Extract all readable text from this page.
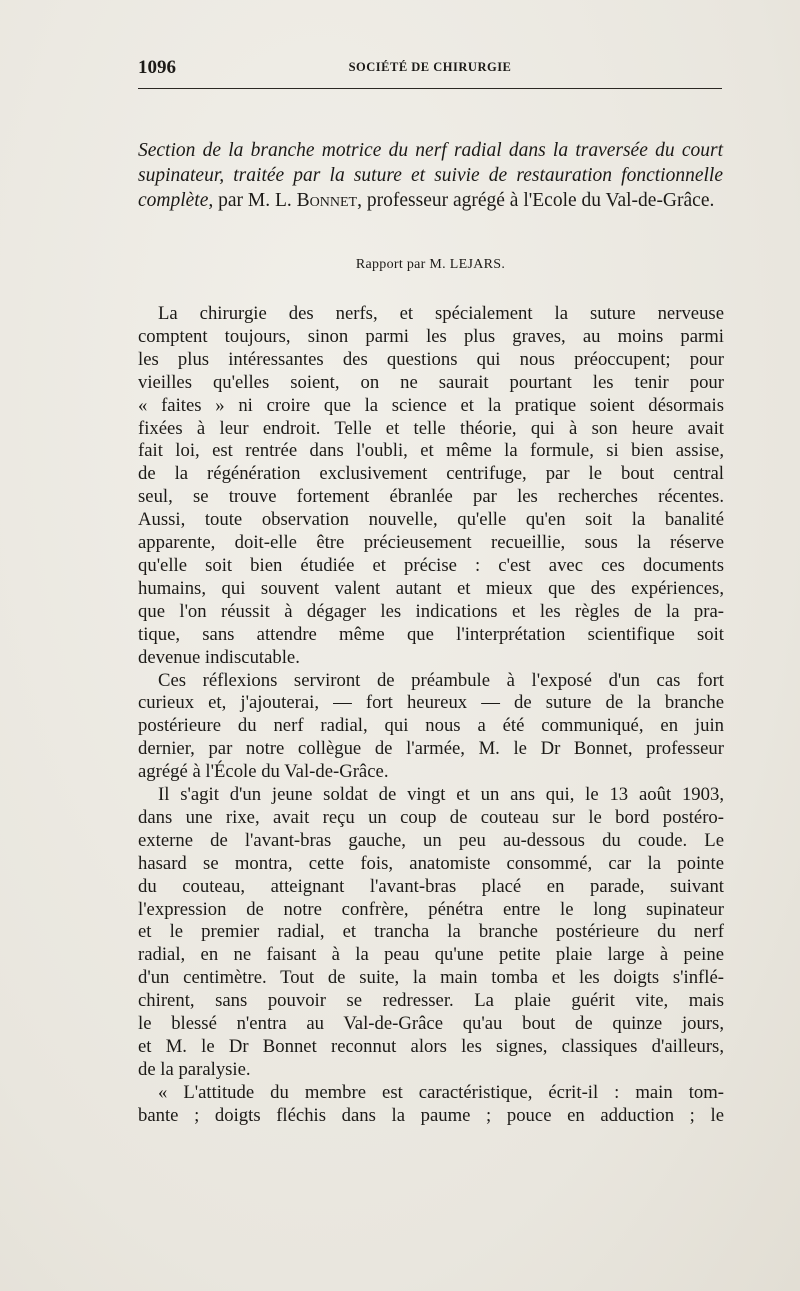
1096	SOCIÉTÉ DE CHIRURGIE

Section de la branche motrice du nerf radial dans la traversée du court supinateur, traitée par la suture et suivie de restauration fonctionnelle complète, par M. L. Bonnet, professeur agrégé à l'Ecole du Val-de-Grâce.

Rapport par M. LEJARS.

La chirurgie des nerfs, et spécialement la suture nerveuse
comptent toujours, sinon parmi les plus graves, au moins parmi
les plus intéressantes des questions qui nous préoccupent; pour
vieilles qu'elles soient, on ne saurait pourtant les tenir pour
« faites » ni croire que la science et la pratique soient désormais
fixées à leur endroit. Telle et telle théorie, qui à son heure avait
fait loi, est rentrée dans l'oubli, et même la formule, si bien assise,
de la régénération exclusivement centrifuge, par le bout central
seul, se trouve fortement ébranlée par les recherches récentes.
Aussi, toute observation nouvelle, qu'elle qu'en soit la banalité
apparente, doit-elle être précieusement recueillie, sous la réserve
qu'elle soit bien étudiée et précise : c'est avec ces documents
humains, qui souvent valent autant et mieux que des expériences,
que l'on réussit à dégager les indications et les règles de la pra-
tique, sans attendre même que l'interprétation scientifique soit
devenue indiscutable.

Ces réflexions serviront de préambule à l'exposé d'un cas fort
curieux et, j'ajouterai, — fort heureux — de suture de la branche
postérieure du nerf radial, qui nous a été communiqué, en juin
dernier, par notre collègue de l'armée, M. le Dr Bonnet, professeur
agrégé à l'École du Val-de-Grâce.

Il s'agit d'un jeune soldat de vingt et un ans qui, le 13 août 1903,
dans une rixe, avait reçu un coup de couteau sur le bord postéro-
externe de l'avant-bras gauche, un peu au-dessous du coude. Le
hasard se montra, cette fois, anatomiste consommé, car la pointe
du couteau, atteignant l'avant-bras placé en parade, suivant
l'expression de notre confrère, pénétra entre le long supinateur
et le premier radial, et trancha la branche postérieure du nerf
radial, en ne faisant à la peau qu'une petite plaie large à peine
d'un centimètre. Tout de suite, la main tomba et les doigts s'inflé-
chirent, sans pouvoir se redresser. La plaie guérit vite, mais
le blessé n'entra au Val-de-Grâce qu'au bout de quinze jours,
et M. le Dr Bonnet reconnut alors les signes, classiques d'ailleurs,
de la paralysie.

« L'attitude du membre est caractéristique, écrit-il : main tom-
bante ; doigts fléchis dans la paume ; pouce en adduction ; le
